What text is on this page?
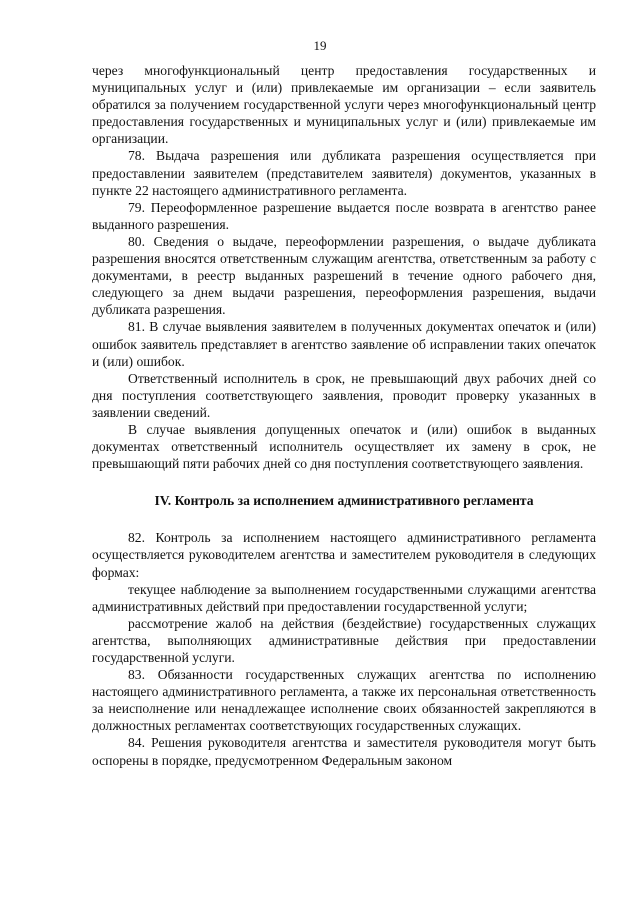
19

через многофункциональный центр предоставления государственных и муниципальных услуг и (или) привлекаемые им организации – если заявитель обратился за получением государственной услуги через многофункциональный центр предоставления государственных и муниципальных услуг и (или) привлекаемые им организации.

78. Выдача разрешения или дубликата разрешения осуществляется при предоставлении заявителем (представителем заявителя) документов, указанных в пункте 22 настоящего административного регламента.

79. Переоформленное разрешение выдается после возврата в агентство ранее выданного разрешения.

80. Сведения о выдаче, переоформлении разрешения, о выдаче дубликата разрешения вносятся ответственным служащим агентства, ответственным за работу с документами, в реестр выданных разрешений в течение одного рабочего дня, следующего за днем выдачи разрешения, переоформления разрешения, выдачи дубликата разрешения.

81. В случае выявления заявителем в полученных документах опечаток и (или) ошибок заявитель представляет в агентство заявление об исправлении таких опечаток и (или) ошибок.

Ответственный исполнитель в срок, не превышающий двух рабочих дней со дня поступления соответствующего заявления, проводит проверку указанных в заявлении сведений.

В случае выявления допущенных опечаток и (или) ошибок в выданных документах ответственный исполнитель осуществляет их замену в срок, не превышающий пяти рабочих дней со дня поступления соответствующего заявления.

IV. Контроль за исполнением административного регламента

82. Контроль за исполнением настоящего административного регламента осуществляется руководителем агентства и заместителем руководителя в следующих формах:

текущее наблюдение за выполнением государственными служащими агентства административных действий при предоставлении государственной услуги;

рассмотрение жалоб на действия (бездействие) государственных служащих агентства, выполняющих административные действия при предоставлении государственной услуги.

83. Обязанности государственных служащих агентства по исполнению настоящего административного регламента, а также их персональная ответственность за неисполнение или ненадлежащее исполнение своих обязанностей закрепляются в должностных регламентах соответствующих государственных служащих.

84. Решения руководителя агентства и заместителя руководителя могут быть оспорены в порядке, предусмотренном Федеральным законом
